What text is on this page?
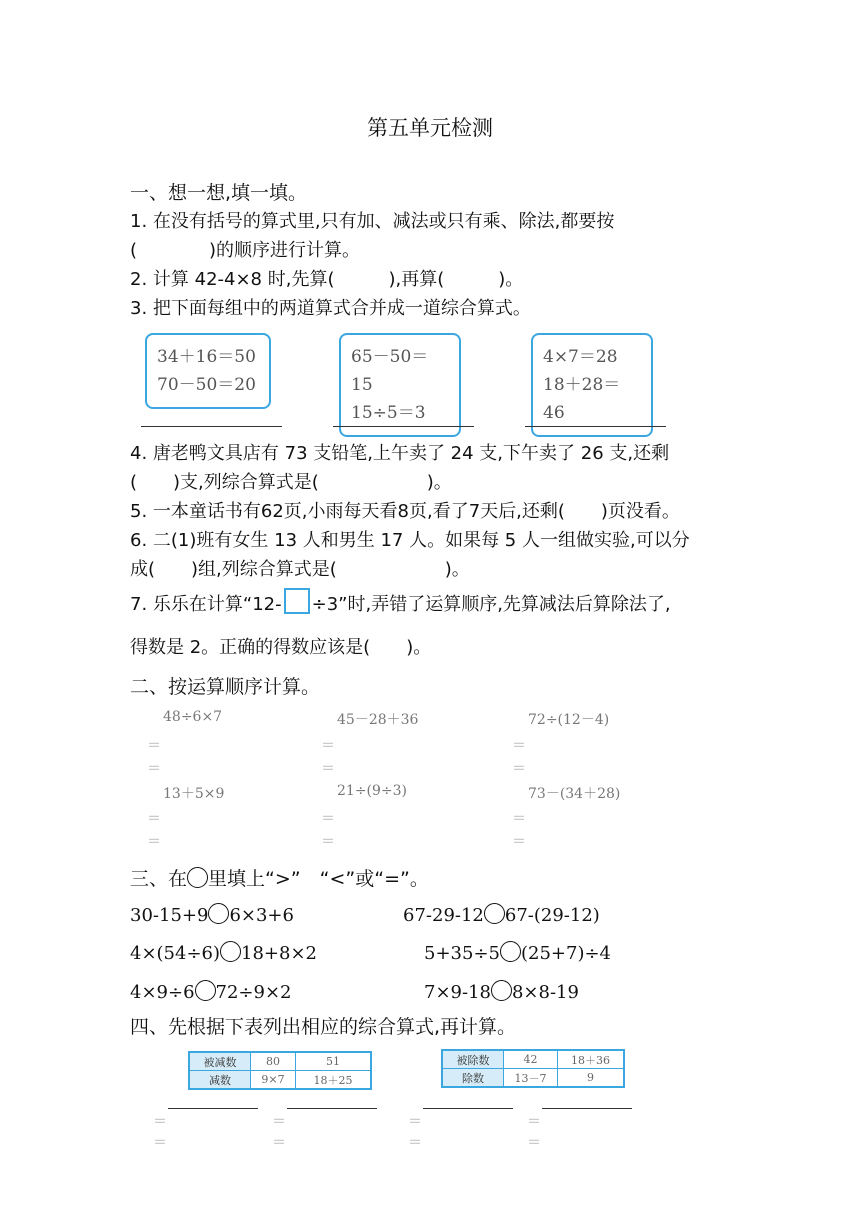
第五单元检测
一、想一想,填一填。
1. 在没有括号的算式里,只有加、减法或只有乘、除法,都要按
(　　　　)的顺序进行计算。
2. 计算 42-4×8 时,先算(　　　),再算(　　　)。
3. 把下面每组中的两道算式合并成一道综合算式。
34＋16＝50
70－50＝20
65－50＝15
15÷5＝3
4×7＝28
18＋28＝46
4. 唐老鸭文具店有 73 支铅笔,上午卖了 24 支,下午卖了 26 支,还剩
(　　)支,列综合算式是(　　　　　　)。
5. 一本童话书有62页,小雨每天看8页,看了7天后,还剩(　　)页没看。
6. 二(1)班有女生 13 人和男生 17 人。如果每 5 人一组做实验,可以分
成(　　)组,列综合算式是(　　　　　　)。
7. 乐乐在计算“12- ÷3”时,弄错了运算顺序,先算减法后算除法了,
得数是 2。正确的得数应该是(　　)。
二、按运算顺序计算。
48÷6×7	45－28＋36	72÷(12－4)
＝	＝	＝
＝	＝	＝
13＋5×9	21÷(9÷3)	73－(34＋28)
＝	＝	＝
＝	＝	＝
三、在 里填上“>”　“<”或“=”。
30-15+9 6×3+6	67-29-12 67-(29-12)
4×(54÷6) 18+8×2	5+35÷5 (25+7)÷4
4×9÷6 72÷9×2	7×9-18 8×8-19
四、先根据下表列出相应的综合算式,再计算。
被减数	80	51
减数	9×7	18＋25
被除数	42	18＋36
除数	13－7	9
＝	＝	＝	＝
＝	＝	＝	＝
